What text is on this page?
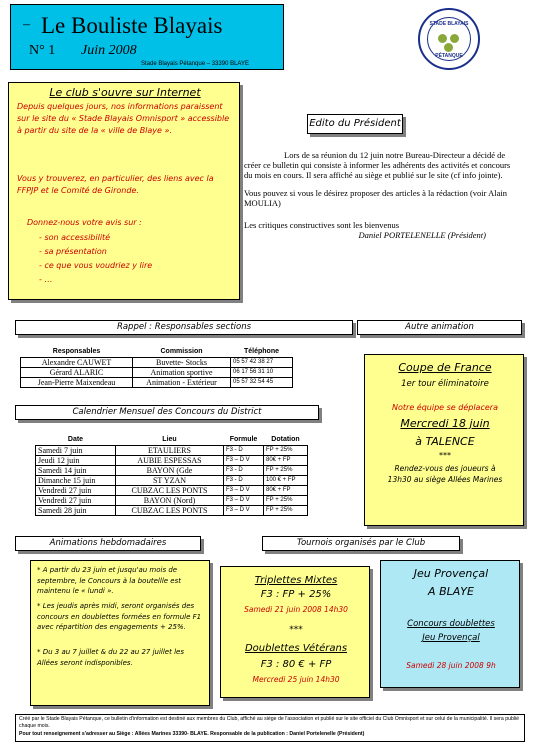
– Le Bouliste Blayais
N° 1 Juin 2008
Stade Blayais Pétanque – 33390 BLAYE
STADE BLAYAIS
PÉTANQUE
Le club s'ouvre sur Internet
Depuis quelques jours, nos informations paraissent sur le site du « Stade Blayais Omnisport » accessible à partir du site de la « ville de Blaye ».
Vous y trouverez, en particulier, des liens avec la FFPJP et le Comité de Gironde.
Donnez-nous votre avis sur :
- son accessibilité
- sa présentation
- ce que vous voudriez y lire
- …
Edito du Président

Lors de sa réunion du 12 juin notre Bureau-Directeur a décidé de créer ce bulletin qui consiste à informer les adhérents des activités et concours du mois en cours. Il sera affiché au siège et publié sur le site (cf info jointe).

Vous pouvez si vous le désirez proposer des articles à la rédaction (voir Alain MOULIA)

Les critiques constructives sont les bienvenus

Daniel PORTELENELLE (Président)

Rappel : Responsables sections	Autre animation
Responsables	Commission	Téléphone
Alexandre CAUWET	Buvette- Stocks	05 57 42 38 27
Gérard ALARIC	Animation sportive	06 17 56 31 10
Jean-Pierre Maixendeau	Animation - Extérieur	05 57 32 54 45
Coupe de France
1er tour éliminatoire
Notre équipe se déplacera
Mercredi 18 juin
à TALENCE
***
Rendez-vous des joueurs à 13h30 au siège Allées Marines
Calendrier Mensuel des Concours du District
Date	Lieu	Formule	Dotation
Samedi 7 juin	ETAULIERS	F3 - D	FP + 25%
Jeudi 12 juin	AUBIE ESPESSAS	F3 – D V	80€ + FP
Samedi 14 juin	BAYON (Gde	F3 - D	FP + 25%
Dimanche 15 juin	ST YZAN	F3 - D	100 € + FP
Vendredi 27 juin	CUBZAC LES PONTS	F3 – D V	80€ + FP
Vendredi 27 juin	BAYON (Nord)	F3 – D V	FP + 25%
Samedi 28 juin	CUBZAC LES PONTS	F3 – D V	FP + 25%
Animations hebdomadaires	Tournois organisés par le Club
* A partir du 23 juin et jusqu'au mois de septembre, le Concours à la boutellle est maintenu le « lundi ».
* Les jeudis après midi, seront organisés des concours en doublettes formées en formule F1 avec répartition des engagements + 25%.
* Du 3 au 7 juillet & du 22 au 27 juillet les Allées seront indisponibles.
Triplettes Mixtes
F3 : FP + 25%
Samedi 21 juin 2008 14h30
***
Doublettes Vétérans
F3 : 80 € + FP
Mercredi 25 juin 14h30
Jeu Provençal
A BLAYE
Concours doublettes
Jeu Provençal
Samedi 28 juin 2008 9h

Créé par le Stade Blayais Pétanque, ce bulletin d'information est destiné aux membres du Club, affiché au siège de l'association et publié sur le site officiel du Club Omnisport et sur celui de la municipalité. Il sera publié chaque mois.

Pour tout renseignement s'adresser au Siège : Allées Marines 33390- BLAYE. Responsable de la publication : Daniel Portelenelle (Président)
